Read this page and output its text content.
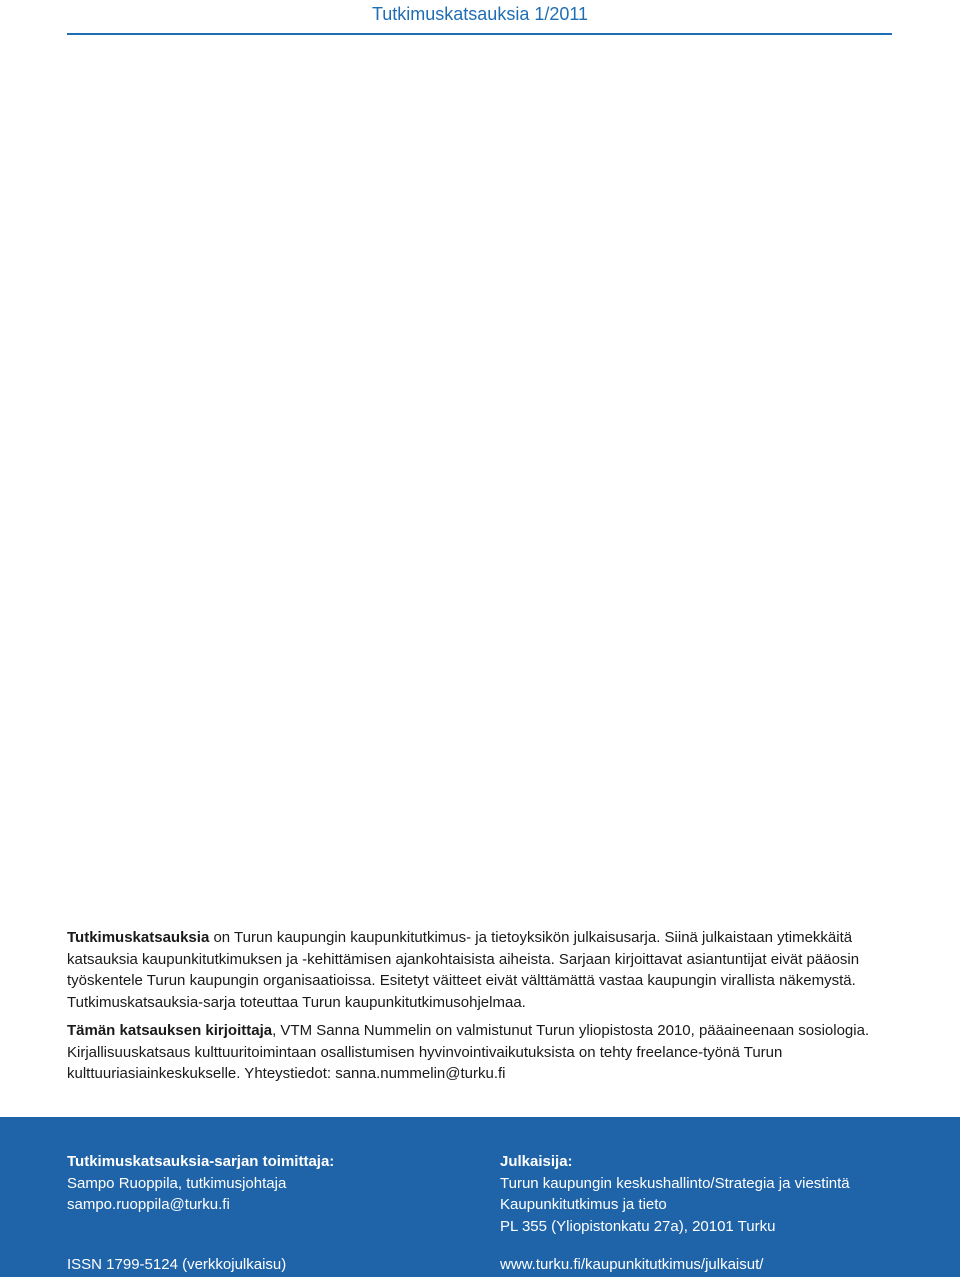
Tutkimuskatsauksia 1/2011

Tutkimuskatsauksia on Turun kaupungin kaupunkitutkimus- ja tietoyksikön julkaisusarja. Siinä julkaistaan ytimekkäitä katsauksia kaupunkitutkimuksen ja -kehittämisen ajankohtaisista aiheista. Sarjaan kirjoittavat asiantuntijat eivät pääosin työskentele Turun kaupungin organisaatioissa. Esitetyt väitteet eivät välttämättä vastaa kaupungin virallista näkemystä. Tutkimuskatsauksia-sarja toteuttaa Turun kaupunkitutkimusohjelmaa.

Tämän katsauksen kirjoittaja, VTM Sanna Nummelin on valmistunut Turun yliopistosta 2010, pääaineenaan sosiologia. Kirjallisuuskatsaus kulttuuritoimintaan osallistumisen hyvinvointivaikutuksista on tehty freelance-työnä Turun kulttuuriasiainkeskukselle. Yhteystiedot: sanna.nummelin@turku.fi

Tutkimuskatsauksia-sarjan toimittaja:
Sampo Ruoppila, tutkimusjohtaja
sampo.ruoppila@turku.fi
Julkaisija:
Turun kaupungin keskushallinto/Strategia ja viestintä
Kaupunkitutkimus ja tieto
PL 355 (Yliopistonkatu 27a), 20101 Turku
ISSN 1799-5124 (verkkojulkaisu)	www.turku.fi/kaupunkitutkimus/julkaisut/
